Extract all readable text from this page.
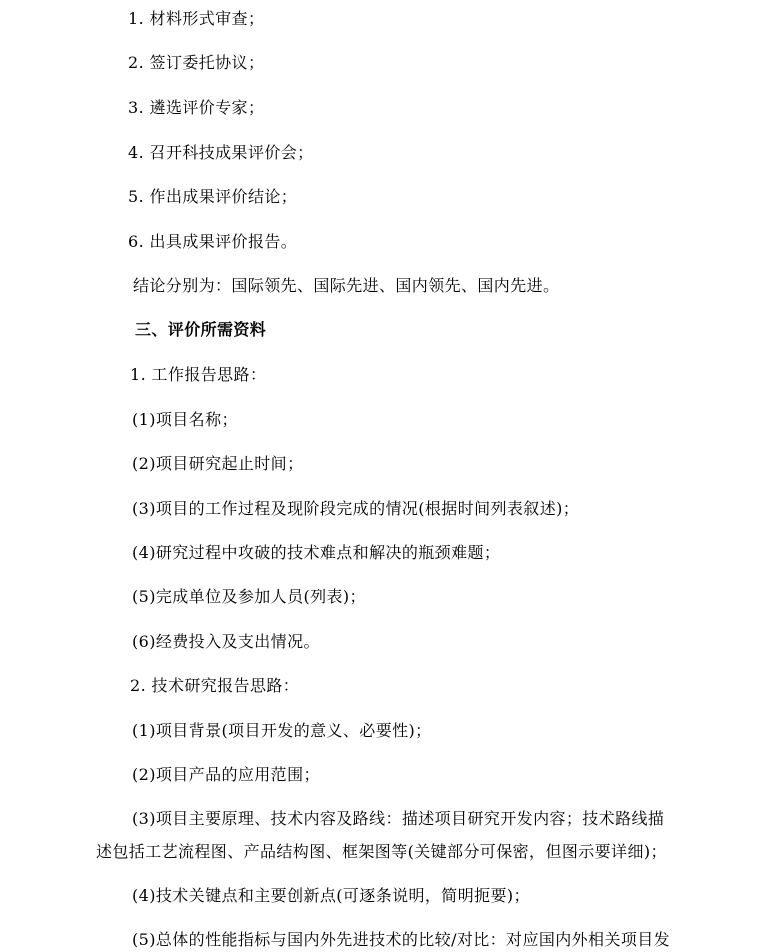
1. 材料形式审查；
2. 签订委托协议；
3. 遴选评价专家；
4. 召开科技成果评价会；
5. 作出成果评价结论；
6. 出具成果评价报告。
结论分别为：国际领先、国际先进、国内领先、国内先进。
三、评价所需资料
1. 工作报告思路：
(1)项目名称；
(2)项目研究起止时间；
(3)项目的工作过程及现阶段完成的情况(根据时间列表叙述)；
(4)研究过程中攻破的技术难点和解决的瓶颈难题；
(5)完成单位及参加人员(列表)；
(6)经费投入及支出情况。
2. 技术研究报告思路：
(1)项目背景(项目开发的意义、必要性)；
(2)项目产品的应用范围；
(3)项目主要原理、技术内容及路线：描述项目研究开发内容；技术路线描
述包括工艺流程图、产品结构图、框架图等(关键部分可保密，但图示要详细)；
(4)技术关键点和主要创新点(可逐条说明，简明扼要)；
(5)总体的性能指标与国内外先进技术的比较/对比：对应国内外相关项目发
